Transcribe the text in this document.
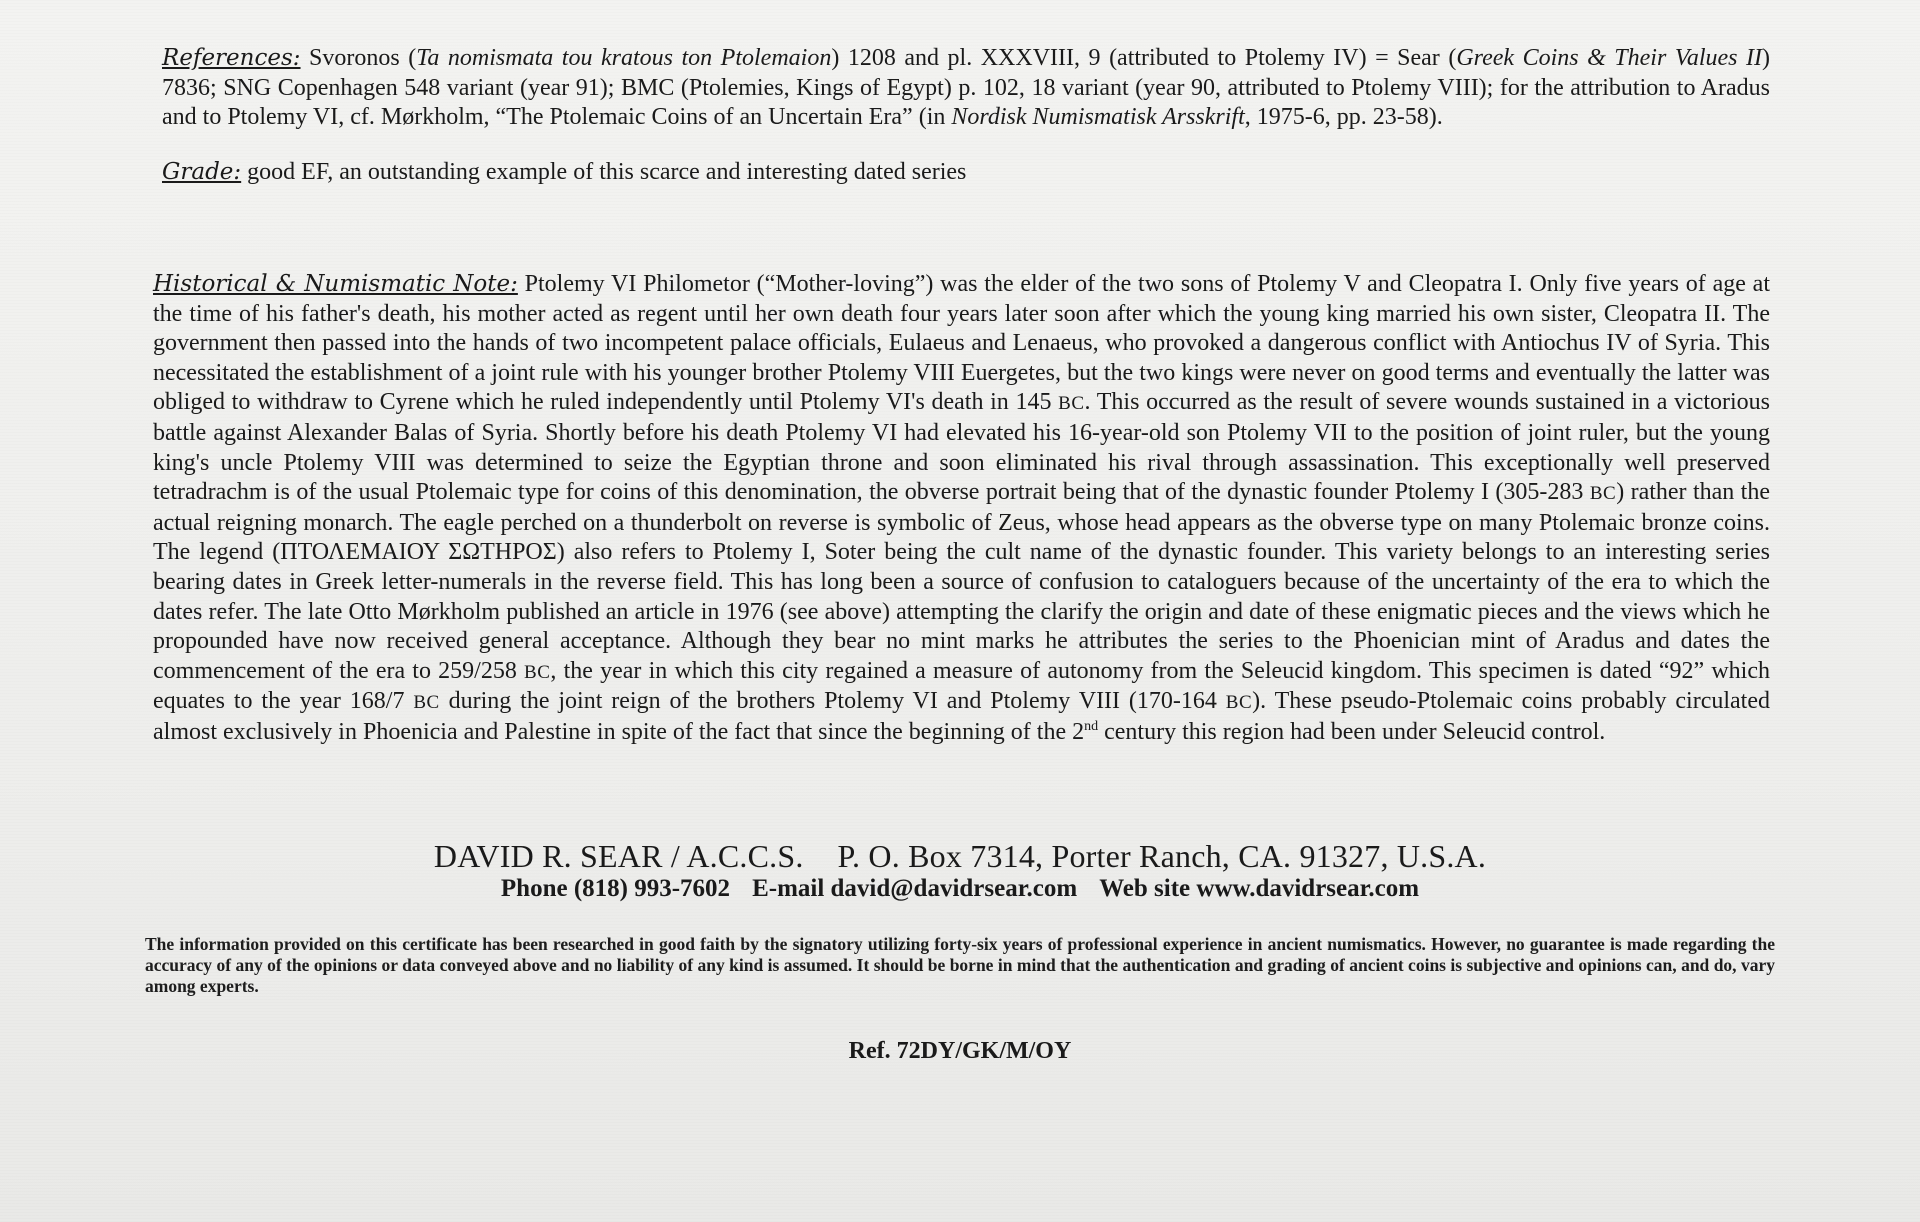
References: Svoronos (Ta nomismata tou kratous ton Ptolemaion) 1208 and pl. XXXVIII, 9 (attributed to Ptolemy IV) = Sear (Greek Coins & Their Values II) 7836; SNG Copenhagen 548 variant (year 91); BMC (Ptolemies, Kings of Egypt) p. 102, 18 variant (year 90, attributed to Ptolemy VIII); for the attribution to Aradus and to Ptolemy VI, cf. Mørkholm, “The Ptolemaic Coins of an Uncertain Era” (in Nordisk Numismatisk Arsskrift, 1975-6, pp. 23-58).
Grade: good EF, an outstanding example of this scarce and interesting dated series
Historical & Numismatic Note: Ptolemy VI Philometor (“Mother-loving”) was the elder of the two sons of Ptolemy V and Cleopatra I. Only five years of age at the time of his father's death, his mother acted as regent until her own death four years later soon after which the young king married his own sister, Cleopatra II. The government then passed into the hands of two incompetent palace officials, Eulaeus and Lenaeus, who provoked a dangerous conflict with Antiochus IV of Syria. This necessitated the establishment of a joint rule with his younger brother Ptolemy VIII Euergetes, but the two kings were never on good terms and eventually the latter was obliged to withdraw to Cyrene which he ruled independently until Ptolemy VI's death in 145 BC. This occurred as the result of severe wounds sustained in a victorious battle against Alexander Balas of Syria. Shortly before his death Ptolemy VI had elevated his 16-year-old son Ptolemy VII to the position of joint ruler, but the young king's uncle Ptolemy VIII was determined to seize the Egyptian throne and soon eliminated his rival through assassination. This exceptionally well preserved tetradrachm is of the usual Ptolemaic type for coins of this denomination, the obverse portrait being that of the dynastic founder Ptolemy I (305-283 BC) rather than the actual reigning monarch. The eagle perched on a thunderbolt on reverse is symbolic of Zeus, whose head appears as the obverse type on many Ptolemaic bronze coins. The legend (ΠΤΟΛΕΜΑΙΟΥ ΣΩΤΗΡΟΣ) also refers to Ptolemy I, Soter being the cult name of the dynastic founder. This variety belongs to an interesting series bearing dates in Greek letter-numerals in the reverse field. This has long been a source of confusion to cataloguers because of the uncertainty of the era to which the dates refer. The late Otto Mørkholm published an article in 1976 (see above) attempting the clarify the origin and date of these enigmatic pieces and the views which he propounded have now received general acceptance. Although they bear no mint marks he attributes the series to the Phoenician mint of Aradus and dates the commencement of the era to 259/258 BC, the year in which this city regained a measure of autonomy from the Seleucid kingdom. This specimen is dated “92” which equates to the year 168/7 BC during the joint reign of the brothers Ptolemy VI and Ptolemy VIII (170-164 BC). These pseudo-Ptolemaic coins probably circulated almost exclusively in Phoenicia and Palestine in spite of the fact that since the beginning of the 2nd century this region had been under Seleucid control.
DAVID R. SEAR / A.C.C.S. P. O. Box 7314, Porter Ranch, CA. 91327, U.S.A.
Phone (818) 993-7602 E-mail david@davidrsear.com Web site www.davidrsear.com
The information provided on this certificate has been researched in good faith by the signatory utilizing forty-six years of professional experience in ancient numismatics. However, no guarantee is made regarding the accuracy of any of the opinions or data conveyed above and no liability of any kind is assumed. It should be borne in mind that the authentication and grading of ancient coins is subjective and opinions can, and do, vary among experts.
Ref. 72DY/GK/M/OY
